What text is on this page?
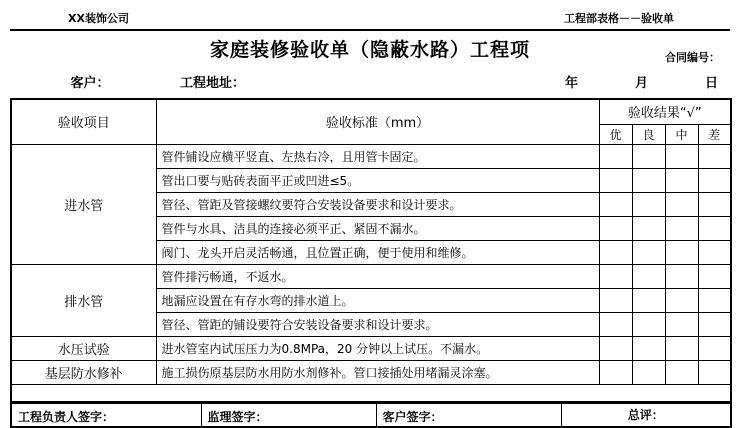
XX装饰公司	工程部表格－－验收单
家庭装修验收单（隐蔽水路）工程项	合同编号：
客户：	工程地址：	年	月	日
验收项目	验收标准（mm）	验收结果“√”			
		优	良	中	差
进水管	管件铺设应横平竖直、左热右冷，且用管卡固定。				
	管出口要与贴砖表面平正或凹进≤5。				
	管径、管距及管接螺纹要符合安装设备要求和设计要求。				
	管件与水具、洁具的连接必须平正、紧固不漏水。				
	阀门、龙头开启灵活畅通，且位置正确，便于使用和维修。				
排水管	管件排污畅通，不返水。				
	地漏应设置在有存水弯的排水道上。				
	管径、管距的铺设要符合安装设备要求和设计要求。				
水压试验	进水管室内试压压力为0.8MPa，20 分钟以上试压。不漏水。				
基层防水修补	施工损伤原基层防水用防水剂修补。管口接插处用堵漏灵涂塞。				

工程负责人签字：	监理签字：	客户签字：	总评：
